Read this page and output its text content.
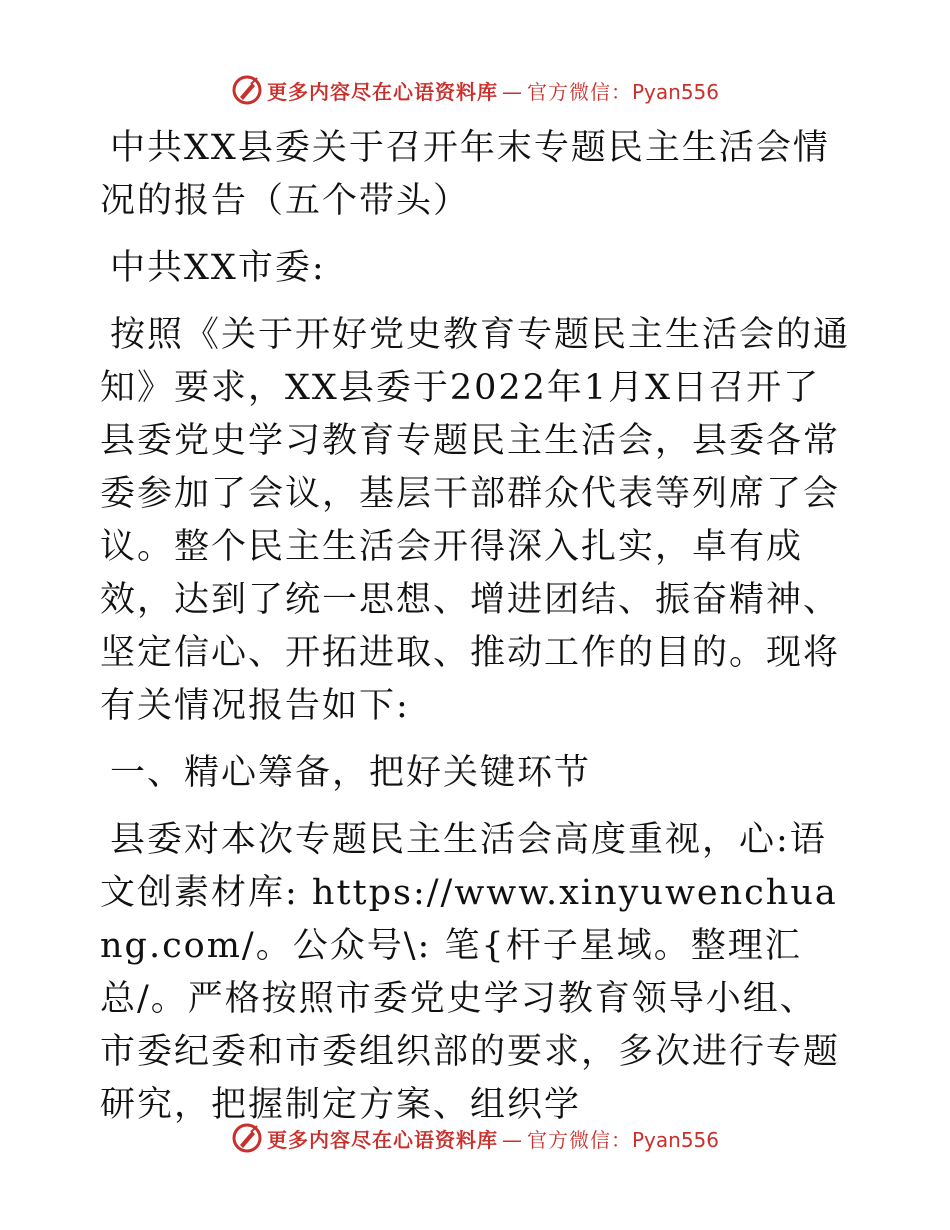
更多内容尽在心语资料库 — 官方微信：Pyan556

中共XX县委关于召开年末专题民主生活会情况的报告（五个带头）

中共XX市委:

按照《关于开好党史教育专题民主生活会的通知》要求，XX县委于2022年1月X日召开了县委党史学习教育专题民主生活会，县委各常委参加了会议，基层干部群众代表等列席了会议。整个民主生活会开得深入扎实，卓有成效，达到了统一思想、增进团结、振奋精神、坚定信心、开拓进取、推动工作的目的。现将有关情况报告如下:

一、精心筹备，把好关键环节

县委对本次专题民主生活会高度重视，心:语文创素材库: https://www.xinyuwenchuang.com/。公众号\: 笔{杆子星域。整理汇总/。严格按照市委党史学习教育领导小组、市委纪委和市委组织部的要求，多次进行专题研究，把握制定方案、组织学

更多内容尽在心语资料库 — 官方微信：Pyan556
